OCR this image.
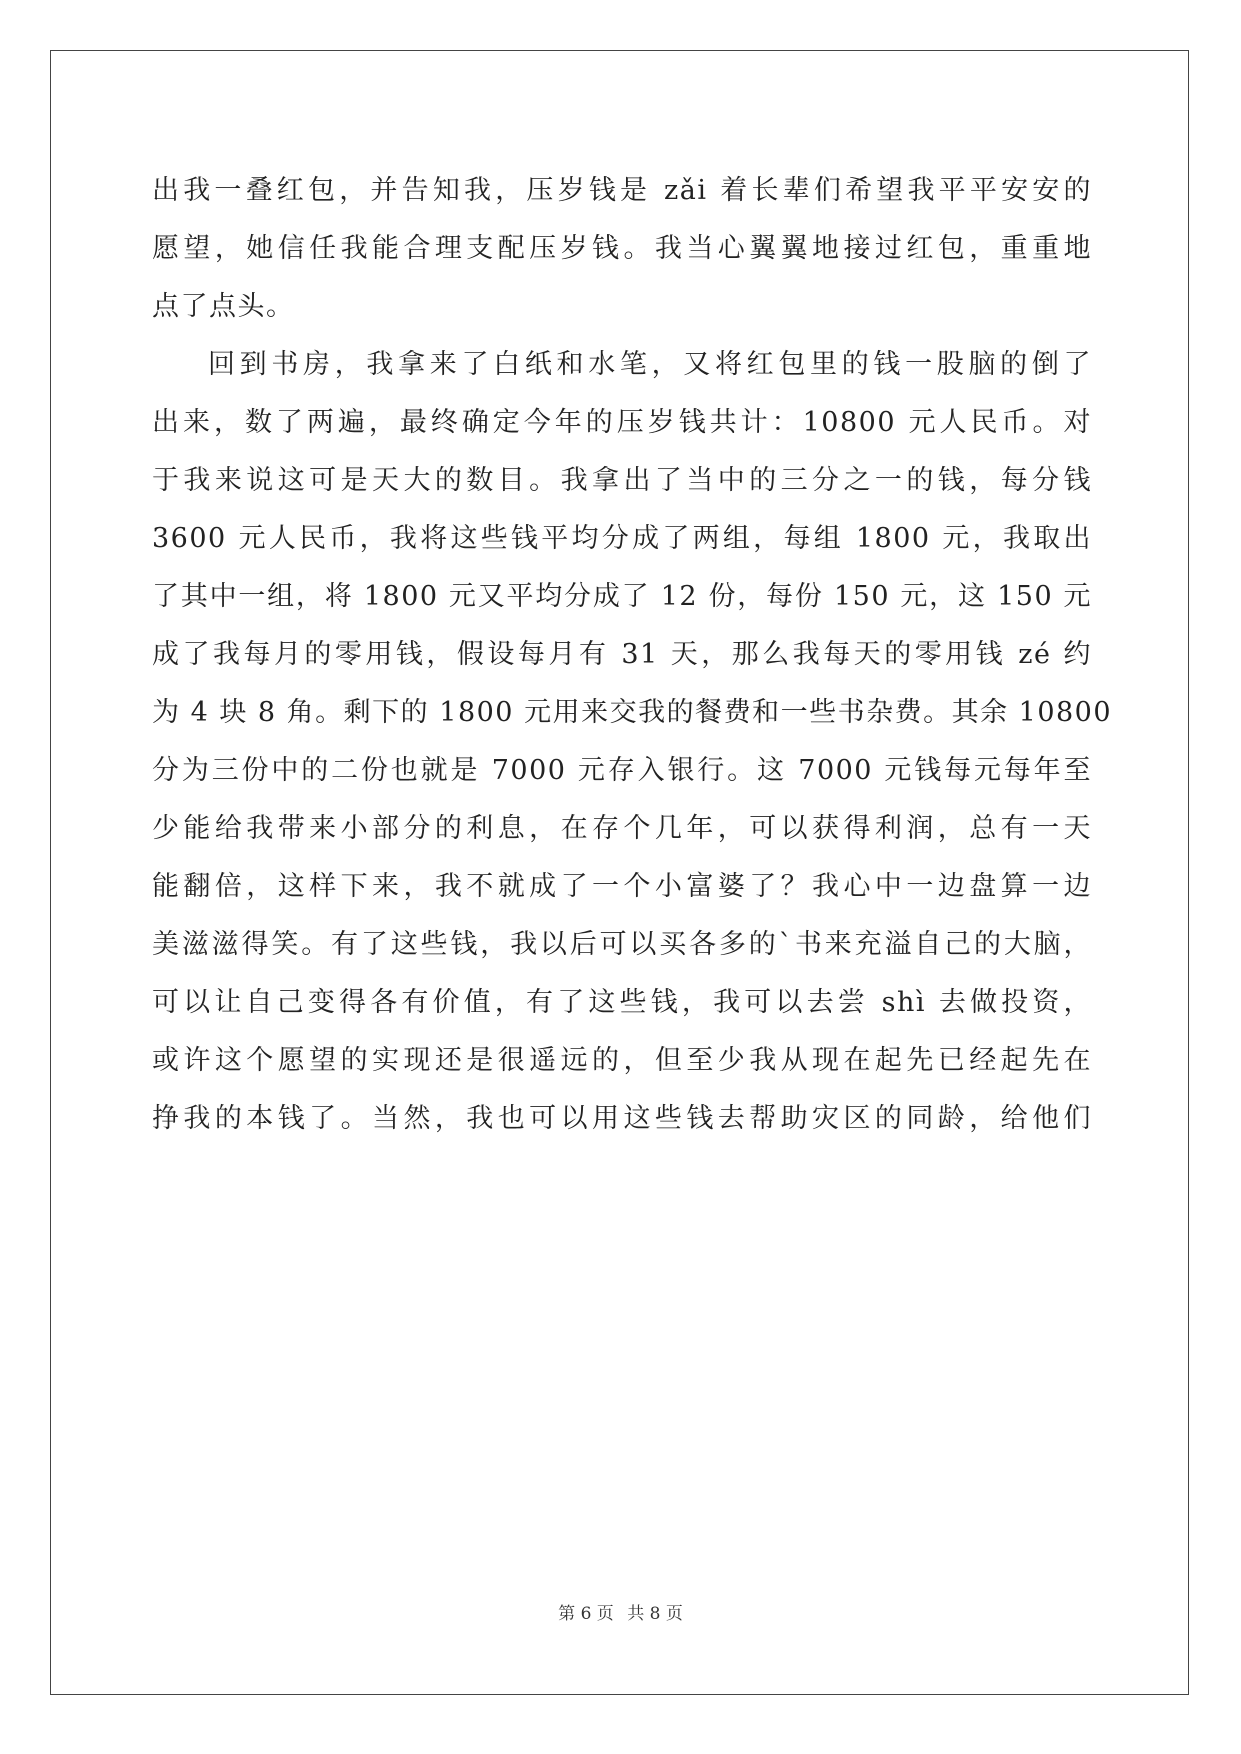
出我一叠红包，并告知我，压岁钱是 zǎi 着长辈们希望我平平安安的
愿望，她信任我能合理支配压岁钱。我当心翼翼地接过红包，重重地
点了点头。
回到书房，我拿来了白纸和水笔，又将红包里的钱一股脑的倒了
出来，数了两遍，最终确定今年的压岁钱共计：10800 元人民币。对
于我来说这可是天大的数目。我拿出了当中的三分之一的钱，每分钱
3600 元人民币，我将这些钱平均分成了两组，每组 1800 元，我取出
了其中一组，将 1800 元又平均分成了 12 份，每份 150 元，这 150 元
成了我每月的零用钱，假设每月有 31 天，那么我每天的零用钱 zé 约
为 4 块 8 角。剩下的 1800 元用来交我的餐费和一些书杂费。其余 10800
分为三份中的二份也就是 7000 元存入银行。这 7000 元钱每元每年至
少能给我带来小部分的利息，在存个几年，可以获得利润，总有一天
能翻倍，这样下来，我不就成了一个小富婆了？我心中一边盘算一边
美滋滋得笑。有了这些钱，我以后可以买各多的`书来充溢自己的大脑，
可以让自己变得各有价值，有了这些钱，我可以去尝 shì 去做投资，
或许这个愿望的实现还是很遥远的，但至少我从现在起先已经起先在
挣我的本钱了。当然，我也可以用这些钱去帮助灾区的同龄，给他们
第 6 页 共 8 页
